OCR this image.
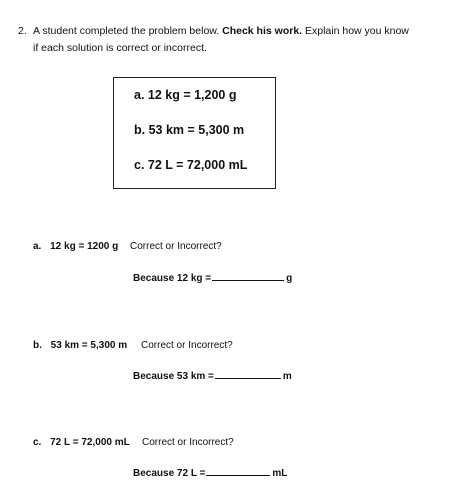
2. A student completed the problem below. Check his work. Explain how you know
if each solution is correct or incorrect.
a. 12 kg = 1,200 g
b. 53 km = 5,300 m
c. 72 L = 72,000 mL
a. 12 kg = 1200 g Correct or Incorrect?
Because 12 kg =	g
b. 53 km = 5,300 m Correct or Incorrect?
Because 53 km =	m
c. 72 L = 72,000 mL Correct or Incorrect?
Because 72 L =	mL
